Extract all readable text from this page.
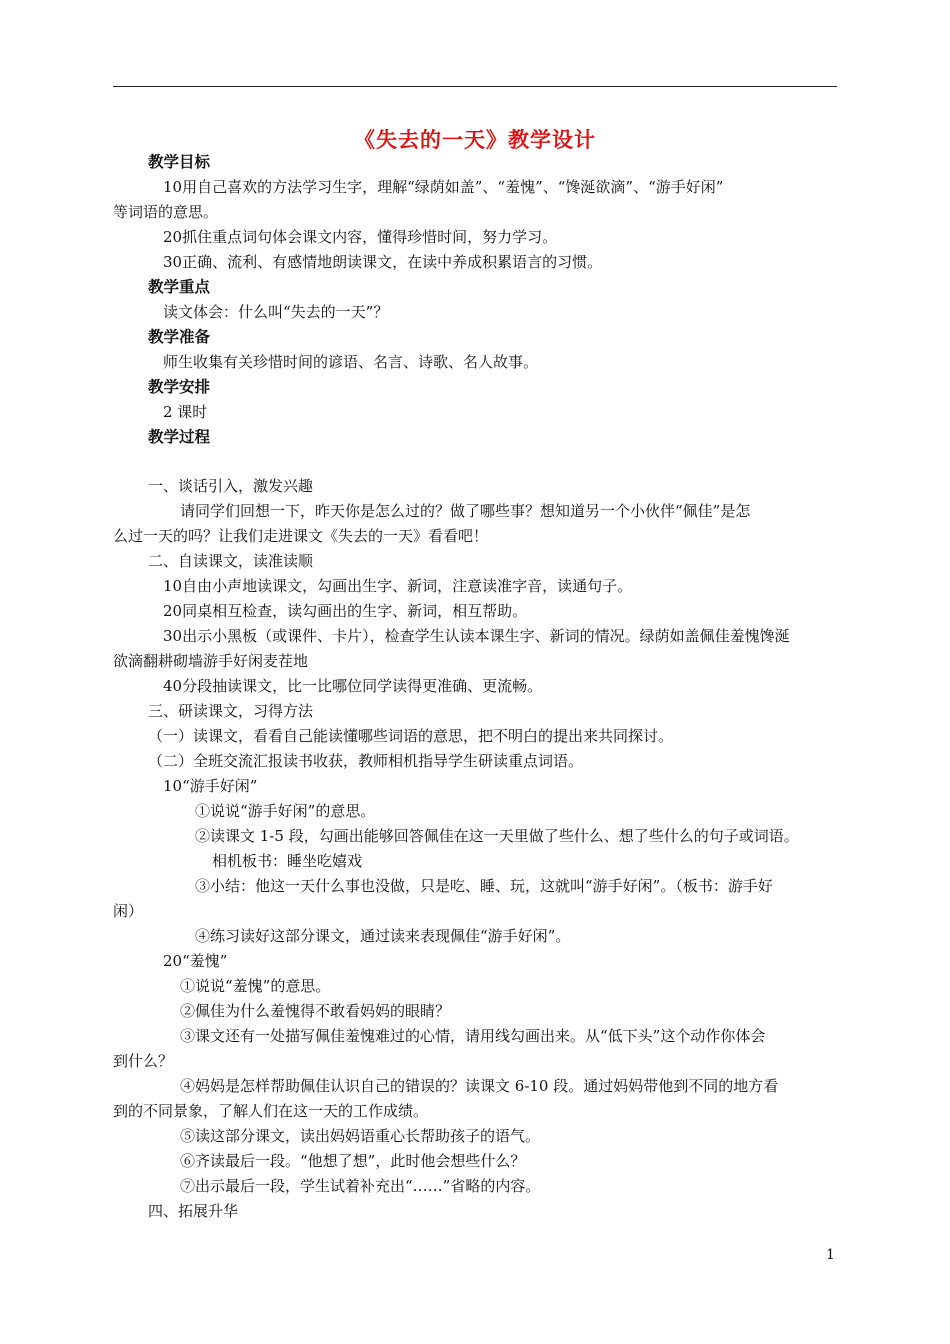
《失去的一天》教学设计
教学目标
10用自己喜欢的方法学习生字，理解“绿荫如盖”、“羞愧”、“馋涎欲滴”、“游手好闲”
等词语的意思。
20抓住重点词句体会课文内容，懂得珍惜时间，努力学习。
30正确、流利、有感情地朗读课文，在读中养成积累语言的习惯。
教学重点
读文体会：什么叫“失去的一天”？
教学准备
师生收集有关珍惜时间的谚语、名言、诗歌、名人故事。
教学安排
2 课时
教学过程
一、谈话引入，激发兴趣
请同学们回想一下，昨天你是怎么过的？做了哪些事？想知道另一个小伙伴“佩佳”是怎
么过一天的吗？让我们走进课文《失去的一天》看看吧！
二、自读课文，读准读顺
10自由小声地读课文，勾画出生字、新词，注意读准字音，读通句子。
20同桌相互检查，读勾画出的生字、新词，相互帮助。
30出示小黑板（或课件、卡片），检查学生认读本课生字、新词的情况。绿荫如盖佩佳羞愧馋涎
欲滴翻耕砌墙游手好闲麦茬地
40分段抽读课文，比一比哪位同学读得更准确、更流畅。
三、研读课文，习得方法
（一）读课文，看看自己能读懂哪些词语的意思，把不明白的提出来共同探讨。
（二）全班交流汇报读书收获，教师相机指导学生研读重点词语。
10“游手好闲”
①说说“游手好闲”的意思。
②读课文 1-5 段，勾画出能够回答佩佳在这一天里做了些什么、想了些什么的句子或词语。
相机板书：睡坐吃嬉戏
③小结：他这一天什么事也没做，只是吃、睡、玩，这就叫“游手好闲”。（板书：游手好
闲）
④练习读好这部分课文，通过读来表现佩佳“游手好闲”。
20“羞愧”
①说说“羞愧”的意思。
②佩佳为什么羞愧得不敢看妈妈的眼睛？
③课文还有一处描写佩佳羞愧难过的心情，请用线勾画出来。从“低下头”这个动作你体会
到什么？
④妈妈是怎样帮助佩佳认识自己的错误的？读课文 6-10 段。通过妈妈带他到不同的地方看
到的不同景象，了解人们在这一天的工作成绩。
⑤读这部分课文，读出妈妈语重心长帮助孩子的语气。
⑥齐读最后一段。“他想了想”，此时他会想些什么？
⑦出示最后一段，学生试着补充出“……”省略的内容。
四、拓展升华
1
